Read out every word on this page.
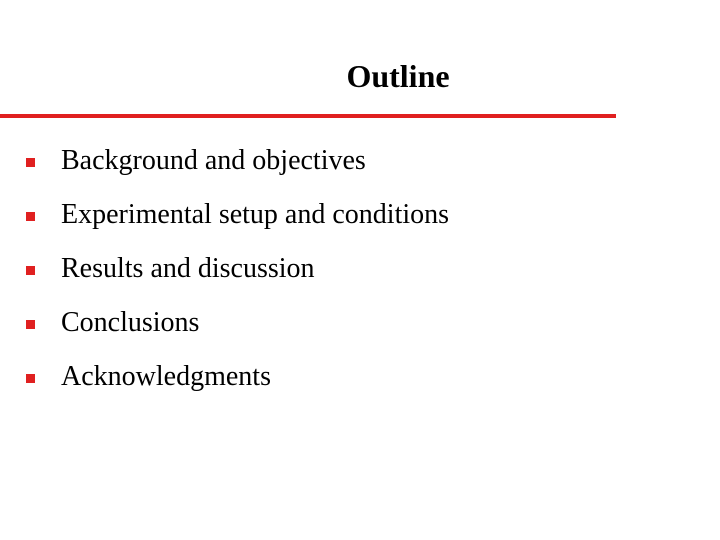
Outline
Background and objectives
Experimental setup and conditions
Results and discussion
Conclusions
Acknowledgments
